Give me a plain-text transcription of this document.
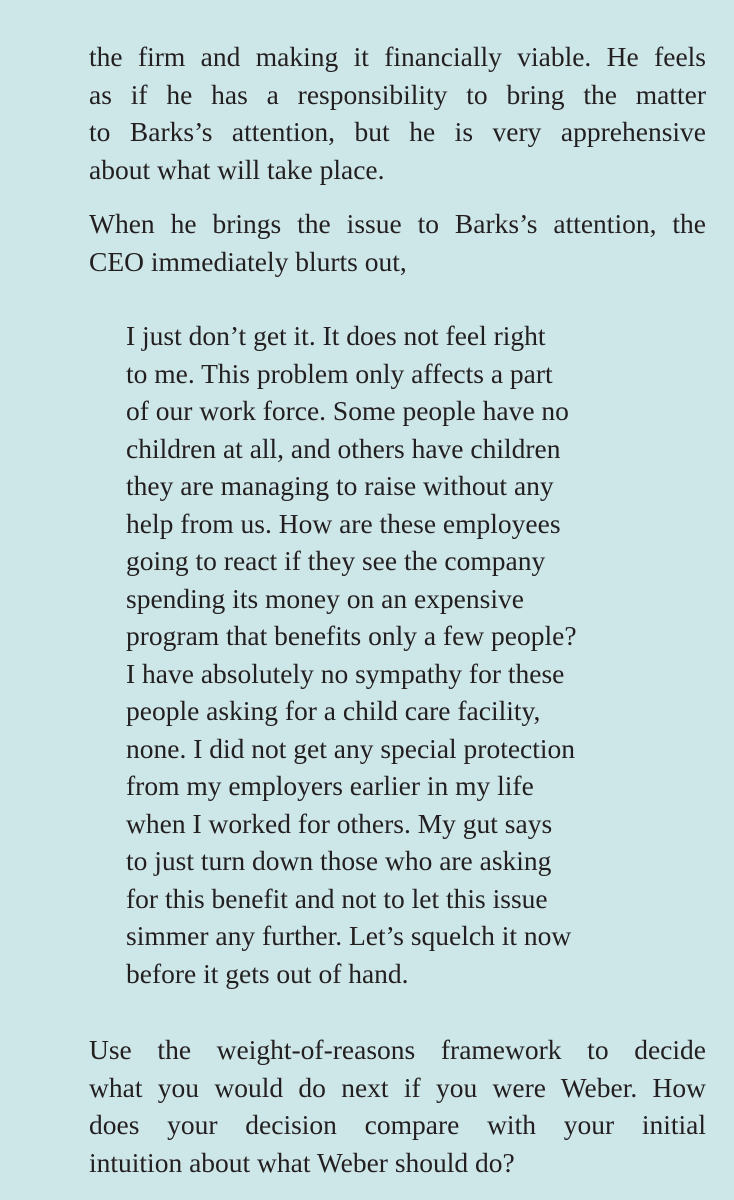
the firm and making it financially viable. He feels
as if he has a responsibility to bring the matter
to Barks’s attention, but he is very apprehensive
about what will take place.
When he brings the issue to Barks’s attention, the
CEO immediately blurts out,
I just don’t get it. It does not feel right
to me. This problem only affects a part
of our work force. Some people have no
children at all, and others have children
they are managing to raise without any
help from us. How are these employees
going to react if they see the company
spending its money on an expensive
program that benefits only a few people?
I have absolutely no sympathy for these
people asking for a child care facility,
none. I did not get any special protection
from my employers earlier in my life
when I worked for others. My gut says
to just turn down those who are asking
for this benefit and not to let this issue
simmer any further. Let’s squelch it now
before it gets out of hand.
Use the weight-of-reasons framework to decide
what you would do next if you were Weber. How
does your decision compare with your initial
intuition about what Weber should do?
